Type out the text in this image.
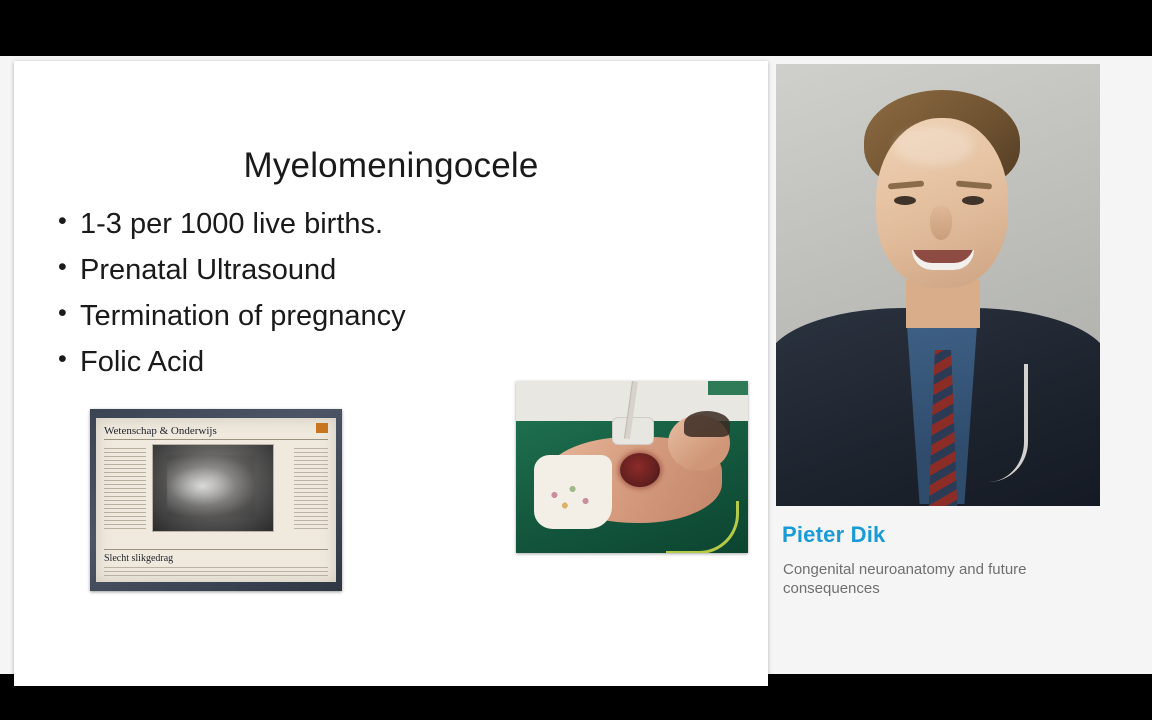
Myelomeningocele
• 1-3 per 1000 live births.
• Prenatal Ultrasound
• Termination of pregnancy
• Folic Acid
Wetenschap & Onderwijs
Slecht slikgedrag
Pieter Dik
Congenital neuroanatomy and future consequences
